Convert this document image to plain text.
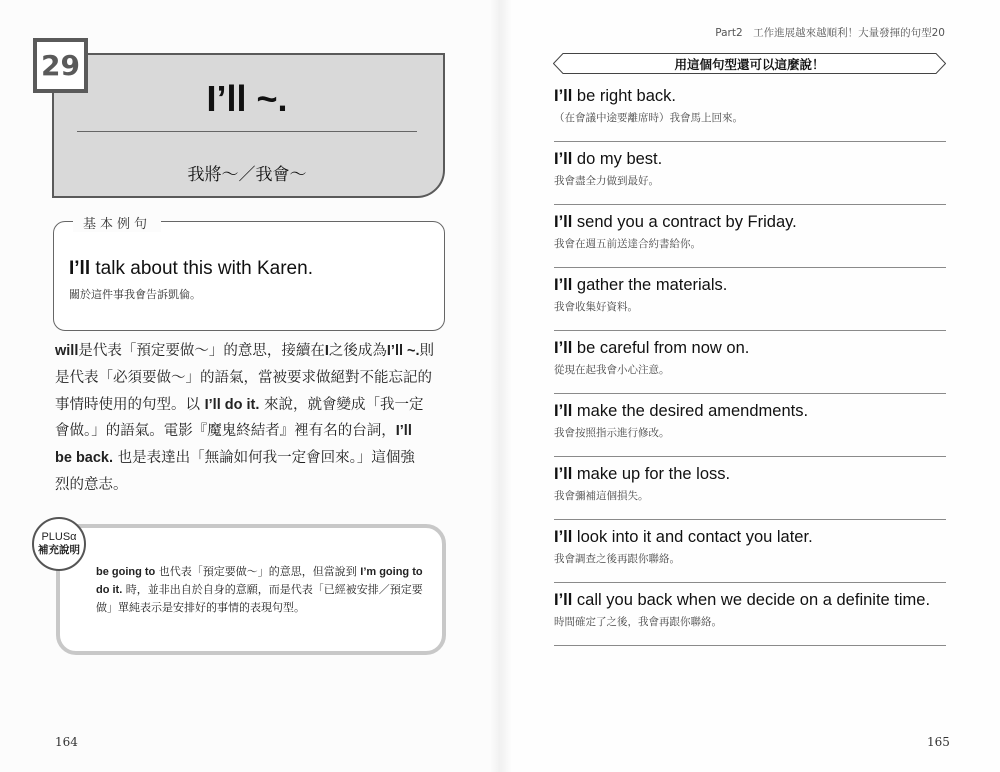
29
I’ll ~.
我將～／我會～
基本例句
I’ll talk about this with Karen.
關於這件事我會告訴凱倫。
will是代表「預定要做～」的意思，接續在I之後成為I’ll ~.則
是代表「必須要做～」的語氣，當被要求做絕對不能忘記的
事情時使用的句型。以 I’ll do it. 來說，就會變成「我一定
會做。」的語氣。電影『魔鬼終結者』裡有名的台詞，I’ll
be back. 也是表達出「無論如何我一定會回來。」這個強
烈的意志。
PLUSα
補充說明
be going to 也代表「預定要做～」的意思，但當說到 I’m going to
do it. 時，並非出自於自身的意願，而是代表「已經被安排／預定要
做」單純表示是安排好的事情的表現句型。
164
Part2　工作進展越來越順利！大量發揮的句型20
用這個句型還可以這麼說！
I’ll be right back.
（在會議中途要離席時）我會馬上回來。
I’ll do my best.
我會盡全力做到最好。
I’ll send you a contract by Friday.
我會在週五前送達合約書給你。
I’ll gather the materials.
我會收集好資料。
I’ll be careful from now on.
從現在起我會小心注意。
I’ll make the desired amendments.
我會按照指示進行修改。
I’ll make up for the loss.
我會彌補這個損失。
I’ll look into it and contact you later.
我會調查之後再跟你聯絡。
I’ll call you back when we decide on a definite time.
時間確定了之後，我會再跟你聯絡。
165
